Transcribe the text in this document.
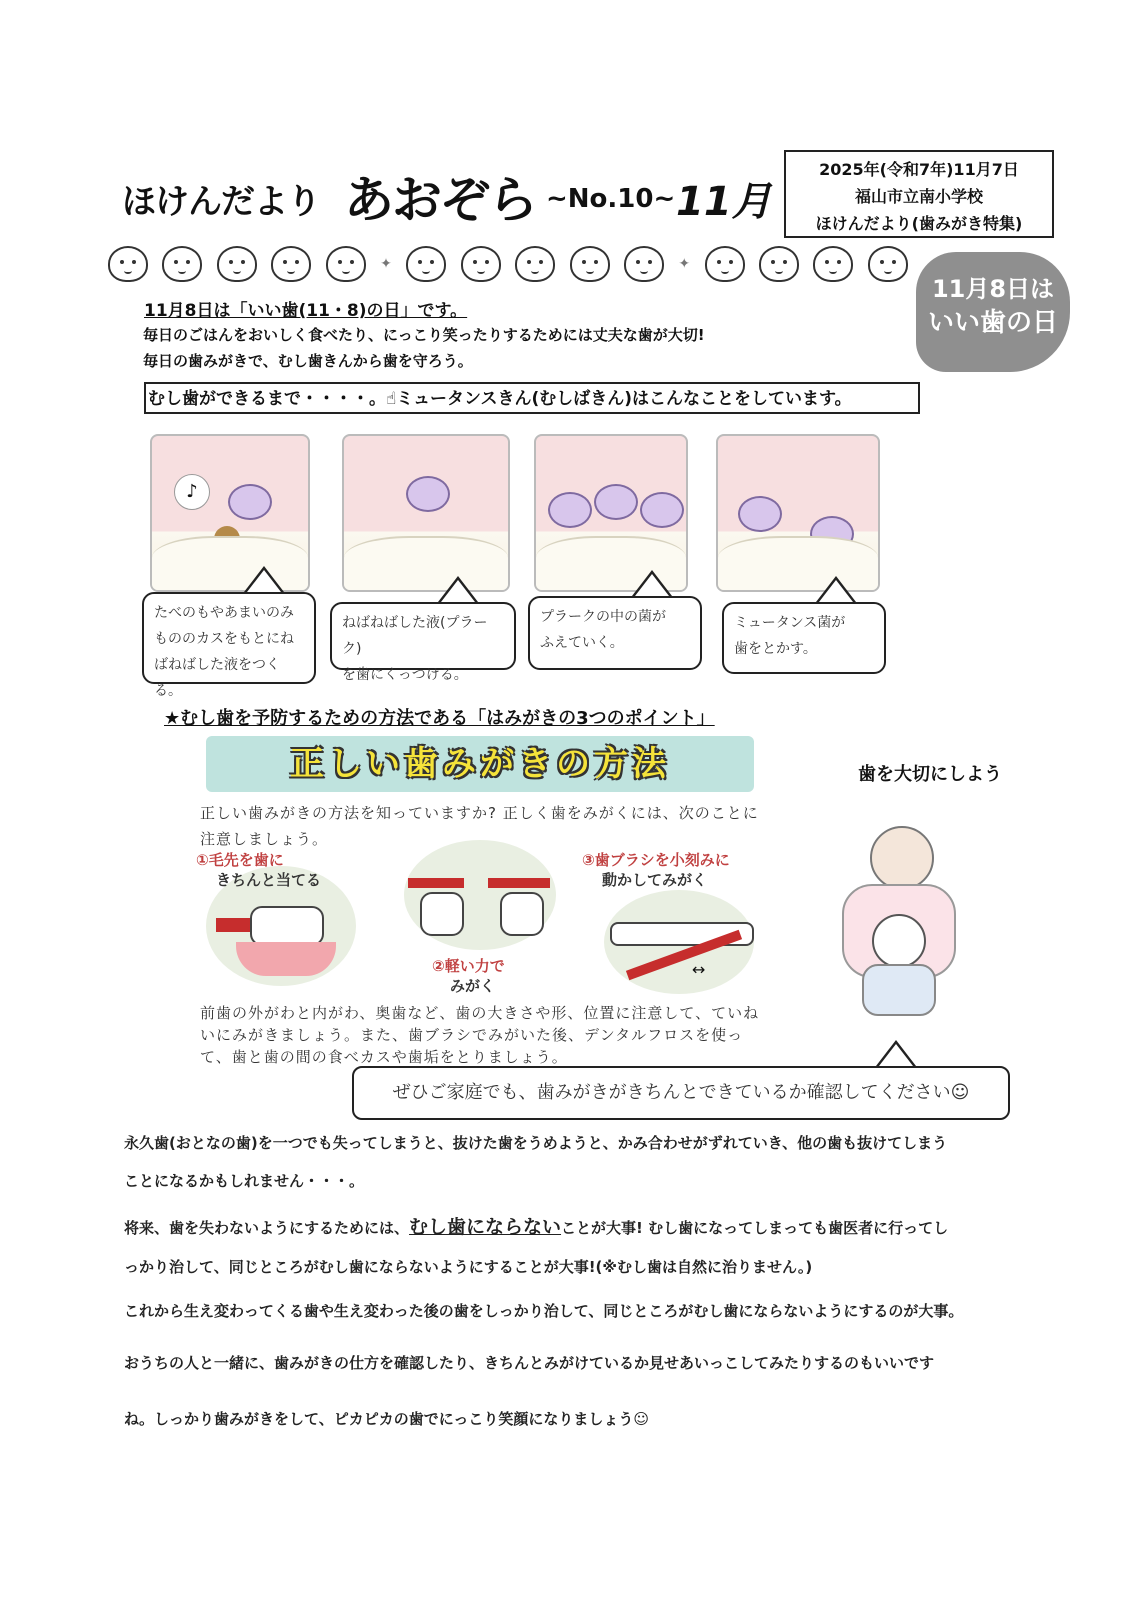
ほけんだより あおぞら ~No.10~ 11月
2025年(令和7年)11月7日
福山市立南小学校
ほけんだより(歯みがき特集)
✦	✦
11月8日は
いい歯の日
11月8日は「いい歯(11・8)の日」です。
毎日のごはんをおいしく食べたり、にっこり笑ったりするためには丈夫な歯が大切!
毎日の歯みがきで、むし歯きんから歯を守ろう。
むし歯ができるまで・・・・。☝ミュータンスきん(むしばきん)はこんなことをしています。
♪
たべのもやあまいのみ
もののカスをもとにね
ばねばした液をつくる。
ねばねばした液(プラーク)
を歯にくっつける。
プラークの中の菌が
ふえていく。
ミュータンス菌が
歯をとかす。
★むし歯を予防するための方法である「はみがきの3つのポイント」
正しい歯みがきの方法
正しい歯みがきの方法を知っていますか? 正しく歯をみがくには、次のことに注意しましょう。
①毛先を歯に
きちんと当てる
②軽い力で
みがく
↔
③歯ブラシを小刻みに
動かしてみがく
前歯の外がわと内がわ、奥歯など、歯の大きさや形、位置に注意して、ていねいにみがきましょう。また、歯ブラシでみがいた後、デンタルフロスを使って、歯と歯の間の食べカスや歯垢をとりましょう。
歯を大切にしよう
ぜひご家庭でも、歯みがきがきちんとできているか確認してください☺
永久歯(おとなの歯)を一つでも失ってしまうと、抜けた歯をうめようと、かみ合わせがずれていき、他の歯も抜けてしまう
ことになるかもしれません・・・。
将来、歯を失わないようにするためには、むし歯にならないことが大事! むし歯になってしまっても歯医者に行ってし
っかり治して、同じところがむし歯にならないようにすることが大事!(※むし歯は自然に治りません。)
これから生え変わってくる歯や生え変わった後の歯をしっかり治して、同じところがむし歯にならないようにするのが大事。
おうちの人と一緒に、歯みがきの仕方を確認したり、きちんとみがけているか見せあいっこしてみたりするのもいいです
ね。しっかり歯みがきをして、ピカピカの歯でにっこり笑顔になりましょう☺
